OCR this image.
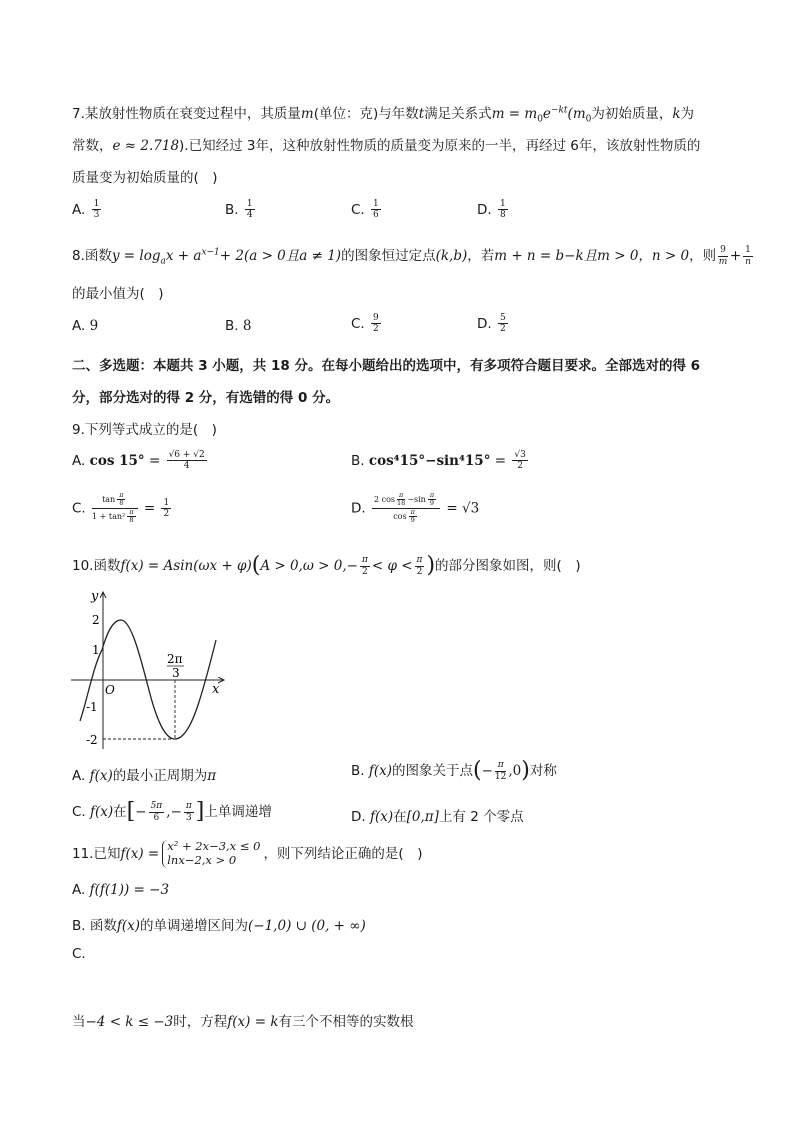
7.某放射性物质在衰变过程中，其质量m(单位：克)与年数t满足关系式$m = m_0e^{-kt}(m_0$为初始质量，k为
常数，e ≈ 2.718).已知经过 3年，这种放射性物质的质量变为原来的一半，再经过 6年，该放射性物质的
质量变为初始质量的(　)
A. $\frac{1}{3}$	B. $\frac{1}{4}$	C. $\frac{1}{6}$	D. $\frac{1}{8}$
8.函数$y = \log_ax + a^{x-1}+ 2(a > 0$且a ≠ 1)的图象恒过定点(k,b)，若m + n = b−k且m > 0，n > 0，则 $\frac{9}{m} + \frac{1}{n}$
的最小值为(　)
A. 9	B. 8	C. $\frac{9}{2}$	D. $\frac{5}{2}$
二、多选题：本题共 3 小题，共 18 分。在每小题给出的选项中，有多项符合题目要求。全部选对的得 6
分，部分选对的得 2 分，有选错的得 0 分。
9.下列等式成立的是(　)
A. $\cos 15^\circ = \frac{√6 + √2}{4}$	B. $\cos^415^\circ-\sin^415^\circ = \frac{√3}{2}$
C. $\frac{\tan \frac{\pi}{8}}{1 + \tan^2 \frac{\pi}{8}} = \frac{1}{2}$	D. $\frac{2 \cos \frac{\pi}{18} -\sin \frac{\pi}{9}}{\cos \frac{\pi}{9}} = √3$
10.函数$f(x) = Asin(\omega x + \varphi)(A > 0,\omega > 0,- \frac{\pi}{2} < \varphi < \frac{\pi}{2}$ )的部分图象如图，则(　)
y
x
O
2
1
-1
-2
2π
3
A. f(x)的最小正周期为π	B. f(x)的图象关于点(− $\frac{\pi}{12} ,0$)对称
C. f(x)在[− $\frac{5\pi}{6}$ ,− $\frac{\pi}{3}$ ]上单调递增	D. f(x)在[0,π]上有 2 个零点
11.已知f(x) = x² + 2x−3,x ≤ 0
lnx−2,x > 0	，则下列结论正确的是(　)
A. f(f(1)) = −3
B. 函数f(x)的单调递增区间为(−1,0) ∪ (0, + ∞)
C.
当−4 < k ≤ −3时，方程f(x) = k有三个不相等的实数根
